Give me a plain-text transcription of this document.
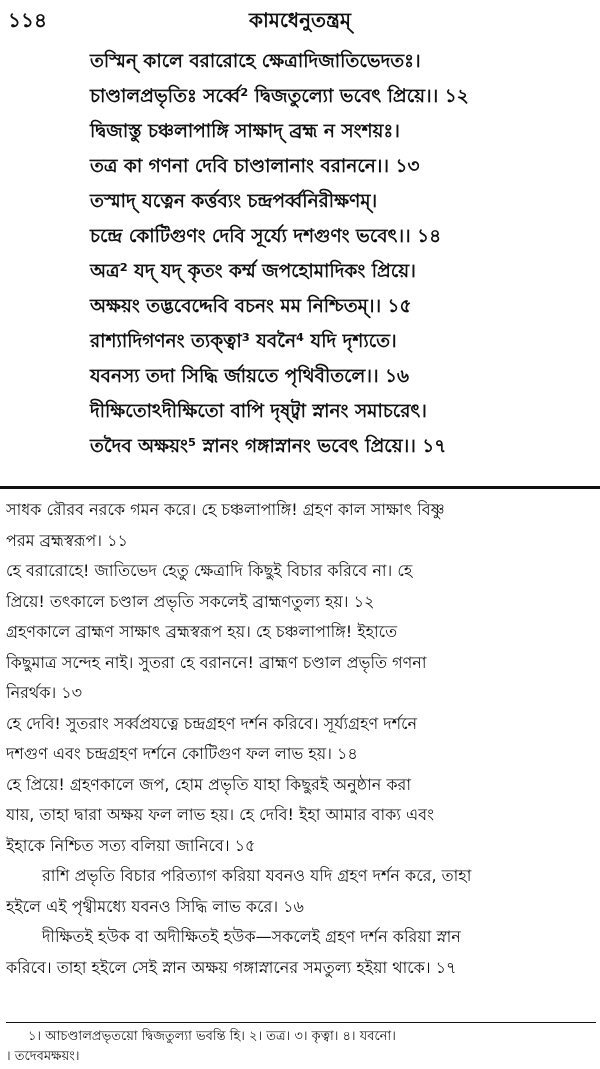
১১৪	কামধেনুতন্ত্রম্
তস্মিন্ কালে বরারোহে ক্ষেত্রাদিজাতিভেদতঃ।
চাণ্ডালপ্রভৃতিঃ সর্ব্বে² দ্বিজতুল্যো ভবেৎ প্রিয়ে।। ১২
দ্বিজাস্তু চঞ্চলাপাঙ্গি সাক্ষাদ্ ব্রহ্ম ন সংশয়ঃ।
তত্র কা গণনা দেবি চাণ্ডালানাং বরাননে।। ১৩
তস্মাদ্ যত্নেন কর্ত্তব্যং চন্দ্রপর্ব্বনিরীক্ষণম্।
চন্দ্রে কোটিগুণং দেবি সূর্য্যে দশগুণং ভবেৎ।। ১৪
অত্র² যদ্ যদ্ কৃতং কর্ম্ম জপহোমাদিকং প্রিয়ে।
অক্ষয়ং তদ্ভবেদ্দেবি বচনং মম নিশ্চিতম্।। ১৫
রাশ্যাদিগণনং ত্যক্ত্বা³ যবনৈ⁴ যদি দৃশ্যতে।
যবনস্য তদা সিদ্ধি র্জায়তে পৃথিবীতলে।। ১৬
দীক্ষিতোঽদীক্ষিতো বাপি দৃষ্ট্বা স্নানং সমাচরেৎ।
তদৈব অক্ষয়ং⁵ স্নানং গঙ্গাস্নানং ভবেৎ প্রিয়ে।। ১৭
সাধক রৌরব নরকে গমন করে। হে চঞ্চলাপাঙ্গি! গ্রহণ কাল সাক্ষাৎ বিষ্ণু
পরম ব্রহ্মস্বরূপ। ১১
হে বরারোহে! জাতিভেদ হেতু ক্ষেত্রাদি কিছুই বিচার করিবে না। হে
প্রিয়ে! তৎকালে চণ্ডাল প্রভৃতি সকলেই ব্রাহ্মণতুল্য হয়। ১২
গ্রহণকালে ব্রাহ্মণ সাক্ষাৎ ব্রহ্মস্বরূপ হয়। হে চঞ্চলাপাঙ্গি! ইহাতে
কিছুমাত্র সন্দেহ নাই। সুতরা হে বরাননে! ব্রাহ্মণ চণ্ডাল প্রভৃতি গণনা
নিরর্থক। ১৩
হে দেবি! সুতরাং সর্ব্বপ্রযত্নে চন্দ্রগ্রহণ দর্শন করিবে। সূর্য্যগ্রহণ দর্শনে
দশগুণ এবং চন্দ্রগ্রহণ দর্শনে কোটিগুণ ফল লাভ হয়। ১৪
হে প্রিয়ে! গ্রহণকালে জপ, হোম প্রভৃতি যাহা কিছুরই অনুষ্ঠান করা
যায়, তাহা দ্বারা অক্ষয় ফল লাভ হয়। হে দেবি! ইহা আমার বাক্য এবং
ইহাকে নিশ্চিত সত্য বলিয়া জানিবে। ১৫
রাশি প্রভৃতি বিচার পরিত্যাগ করিয়া যবনও যদি গ্রহণ দর্শন করে, তাহা
হইলে এই পৃথ্বীমধ্যে যবনও সিদ্ধি লাভ করে। ১৬
দীক্ষিতই হউক বা অদীক্ষিতই হউক—সকলেই গ্রহণ দর্শন করিয়া স্নান
করিবে। তাহা হইলে সেই স্নান অক্ষয় গঙ্গাস্নানের সমতুল্য হইয়া থাকে। ১৭
১। আচণ্ডালপ্রভৃতয়ো দ্বিজতুল্যা ভবন্তি হি। ২। তত্র। ৩। কৃত্বা। ৪। যবনো।
। তদেবমক্ষয়ং।
